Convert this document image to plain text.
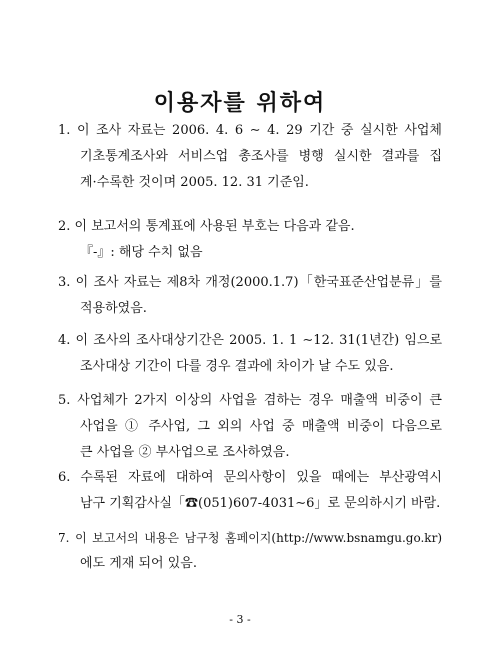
이용자를 위하여
1. 이 조사 자료는 2006. 4. 6 ∼ 4. 29 기간 중 실시한 사업체
기초통계조사와 서비스업 총조사를 병행 실시한 결과를 집
계·수록한 것이며 2005. 12. 31 기준임.
2. 이 보고서의 통계표에 사용된 부호는 다음과 같음.
『-』: 해당 수치 없음
3. 이 조사 자료는 제8차 개정(2000.1.7)「한국표준산업분류」를
적용하였음.
4. 이 조사의 조사대상기간은 2005. 1. 1 ∼12. 31(1년간) 임으로
조사대상 기간이 다를 경우 결과에 차이가 날 수도 있음.
5. 사업체가 2가지 이상의 사업을 겸하는 경우 매출액 비중이 큰
사업을 ① 주사업, 그 외의 사업 중 매출액 비중이 다음으로
큰 사업을 ② 부사업으로 조사하였음.
6. 수록된 자료에 대하여 문의사항이 있을 때에는 부산광역시
남구 기획감사실「☎(051)607-4031∼6」로 문의하시기 바람.
7. 이 보고서의 내용은 남구청 홈페이지(http://www.bsnamgu.go.kr)
에도 게재 되어 있음.
- 3 -
